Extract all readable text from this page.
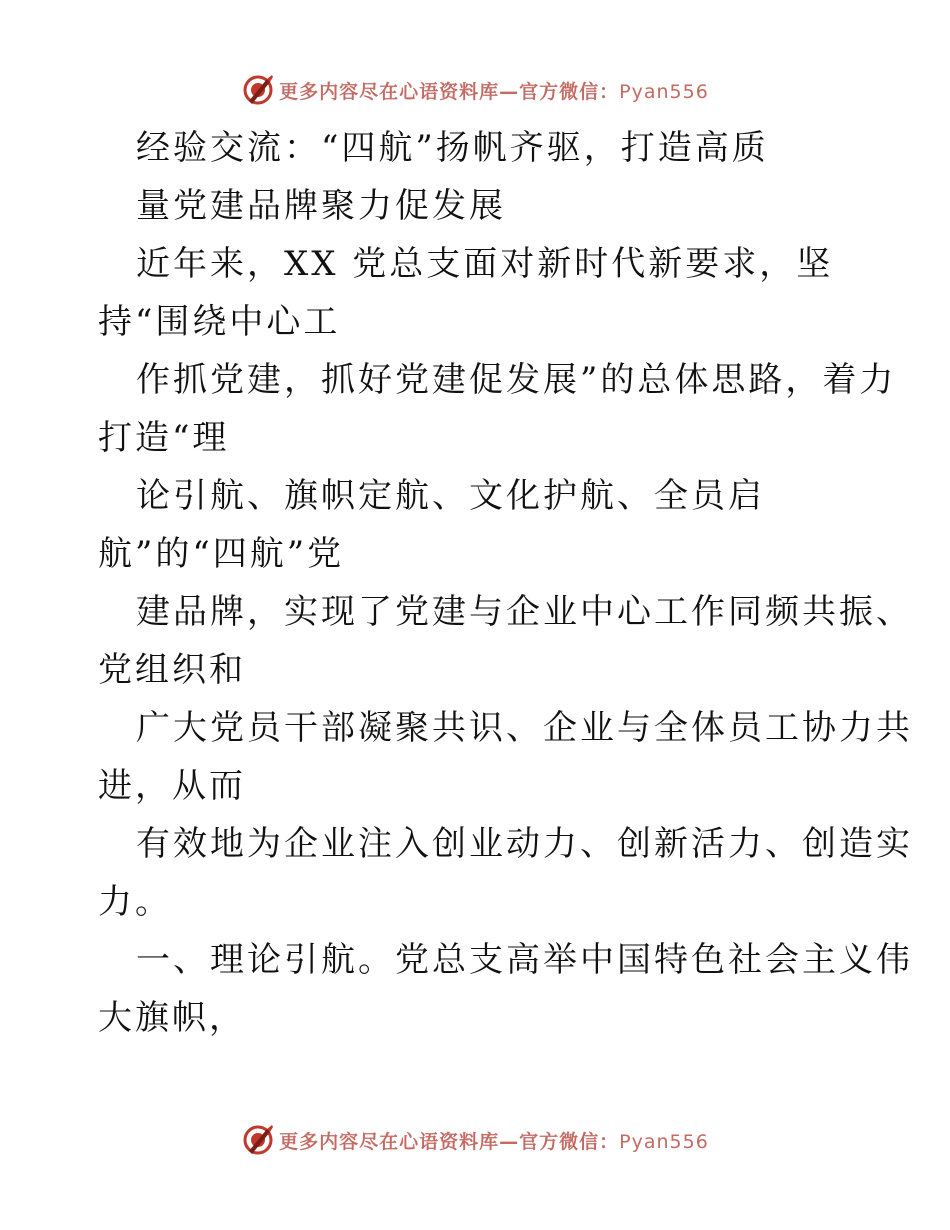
更多内容尽在心语资料库—官方微信：Pyan556
经验交流：“四航”扬帆齐驱，打造高质
量党建品牌聚力促发展
近年来，XX 党总支面对新时代新要求，坚
持“围绕中心工
作抓党建，抓好党建促发展”的总体思路，着力
打造“理
论引航、旗帜定航、文化护航、全员启
航”的“四航”党
建品牌，实现了党建与企业中心工作同频共振、
党组织和
广大党员干部凝聚共识、企业与全体员工协力共
进，从而
有效地为企业注入创业动力、创新活力、创造实
力。
一、理论引航。党总支高举中国特色社会主义伟
大旗帜，
更多内容尽在心语资料库—官方微信：Pyan556
